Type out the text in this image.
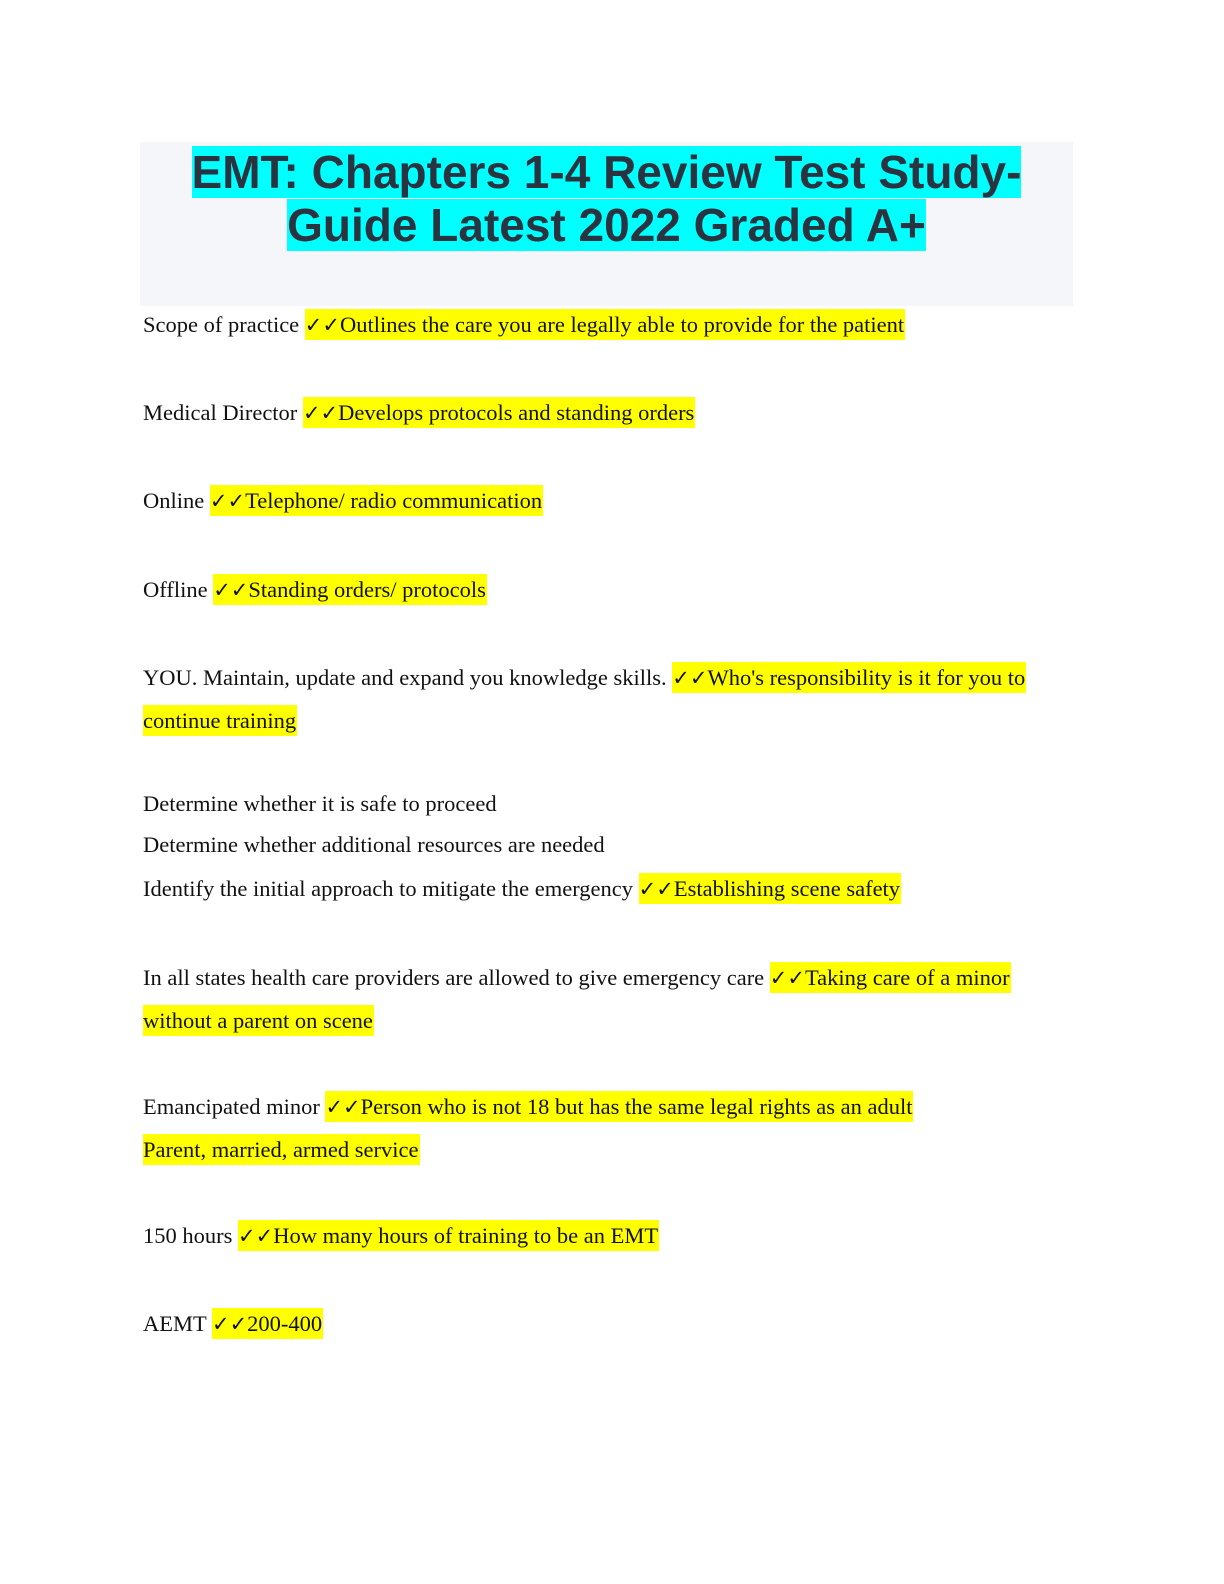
EMT: Chapters 1-4 Review Test Study-
Guide Latest 2022 Graded A+
Scope of practice ✓✓Outlines the care you are legally able to provide for the patient
Medical Director ✓✓Develops protocols and standing orders
Online ✓✓Telephone/ radio communication
Offline ✓✓Standing orders/ protocols
YOU. Maintain, update and expand you knowledge skills. ✓✓Who's responsibility is it for you to
continue training
Determine whether it is safe to proceed
Determine whether additional resources are needed
Identify the initial approach to mitigate the emergency ✓✓Establishing scene safety
In all states health care providers are allowed to give emergency care ✓✓Taking care of a minor
without a parent on scene
Emancipated minor ✓✓Person who is not 18 but has the same legal rights as an adult
Parent, married, armed service
150 hours ✓✓How many hours of training to be an EMT
AEMT ✓✓200-400
